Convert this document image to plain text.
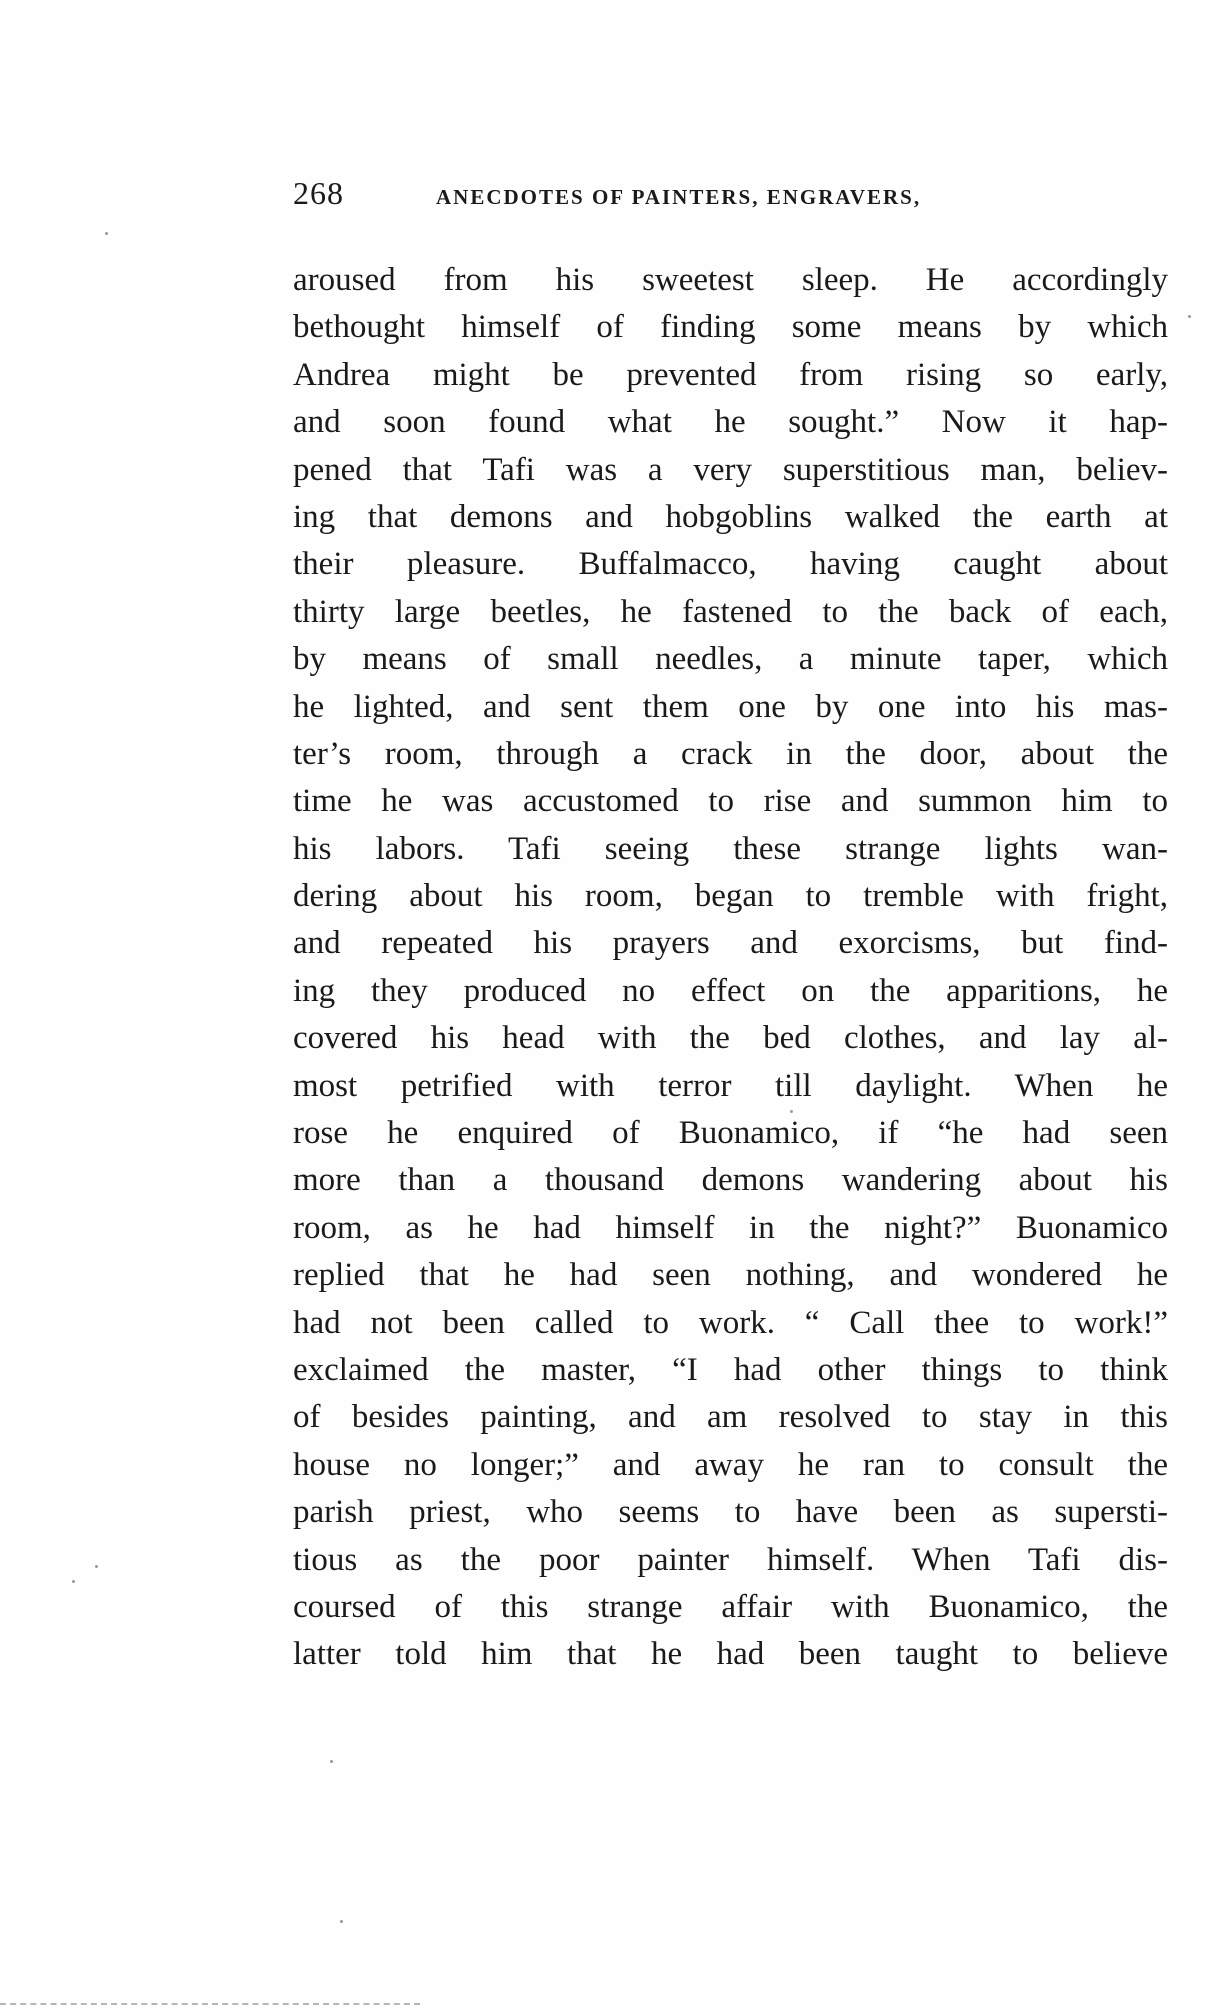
268	ANECDOTES OF PAINTERS, ENGRAVERS,
aroused from his sweetest sleep. He accordingly
bethought himself of finding some means by which
Andrea might be prevented from rising so early,
and soon found what he sought.” Now it hap-
pened that Tafi was a very superstitious man, believ-
ing that demons and hobgoblins walked the earth at
their pleasure. Buffalmacco, having caught about
thirty large beetles, he fastened to the back of each,
by means of small needles, a minute taper, which
he lighted, and sent them one by one into his mas-
ter’s room, through a crack in the door, about the
time he was accustomed to rise and summon him to
his labors. Tafi seeing these strange lights wan-
dering about his room, began to tremble with fright,
and repeated his prayers and exorcisms, but find-
ing they produced no effect on the apparitions, he
covered his head with the bed clothes, and lay al-
most petrified with terror till daylight. When he
rose he enquired of Buonamico, if “he had seen
more than a thousand demons wandering about his
room, as he had himself in the night?” Buonamico
replied that he had seen nothing, and wondered he
had not been called to work. “ Call thee to work!”
exclaimed the master, “I had other things to think
of besides painting, and am resolved to stay in this
house no longer;” and away he ran to consult the
parish priest, who seems to have been as supersti-
tious as the poor painter himself. When Tafi dis-
coursed of this strange affair with Buonamico, the
latter told him that he had been taught to believe
